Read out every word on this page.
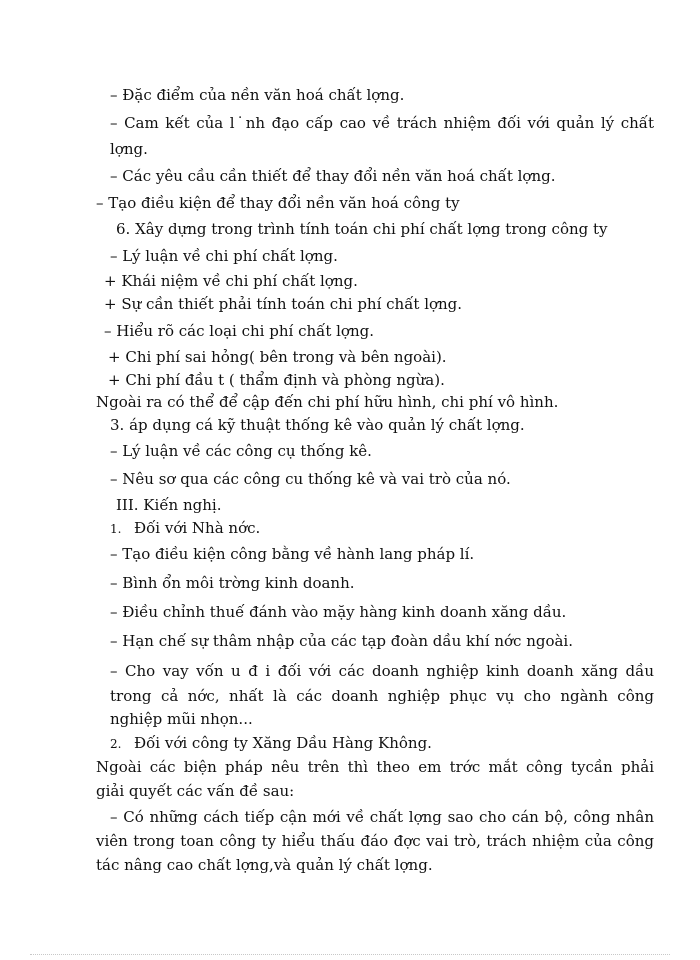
– Đặc điểm của nền văn hoá chất lợng.
– Cam kết của l˙nh đạo cấp cao về trách nhiệm đối với quản lý chất
lợng.
– Các yêu cầu cần thiết để thay đổi nền văn hoá chất lợng.
– Tạo điều kiện để thay đổi nền văn hoá công ty
6. Xây dựng trong trình tính toán chi phí chất lợng trong công ty
– Lý luận về chi phí chất lợng.
+ Khái niệm về chi phí chất lợng.
+ Sự cần thiết phải tính toán chi phí chất lợng.
– Hiểu rõ các loại chi phí chất lợng.
+ Chi phí sai hỏng( bên trong và bên ngoài).
+ Chi phí đầu t ( thẩm định và phòng ngừa).
Ngoài ra có thể để cập đến chi phí hữu hình, chi phí vô hình.
3. áp dụng cá kỹ thuật thống kê vào quản lý chất lợng.
– Lý luận về các công cụ thống kê.
– Nêu sơ qua các công cu thống kê và vai trò của nó.
III. Kiến nghị.
1. Đối với Nhà nớc.
– Tạo điều kiện công bằng về hành lang pháp lí.
– Bình ổn môi trờng kinh doanh.
– Điều chỉnh thuế đánh vào mặy hàng kinh doanh xăng dầu.
– Hạn chế sự thâm nhập của các tạp đoàn dầu khí nớc ngoài.
– Cho vay vốn u đ i đối với các doanh nghiệp kinh doanh xăng dầu
trong cả nớc, nhất là các doanh nghiệp phục vụ cho ngành công
nghiệp mũi nhọn...
2. Đối với công ty Xăng Dầu Hàng Không.
Ngoài các biện pháp nêu trên thì theo em trớc mắt công tycần phải
giải quyết các vấn đề sau:
– Có những cách tiếp cận mới về chất lợng sao cho cán bộ, công nhân
viên trong toan công ty hiểu thấu đáo đợc vai trò, trách nhiệm của công
tác nâng cao chất lợng,và quản lý chất lợng.
